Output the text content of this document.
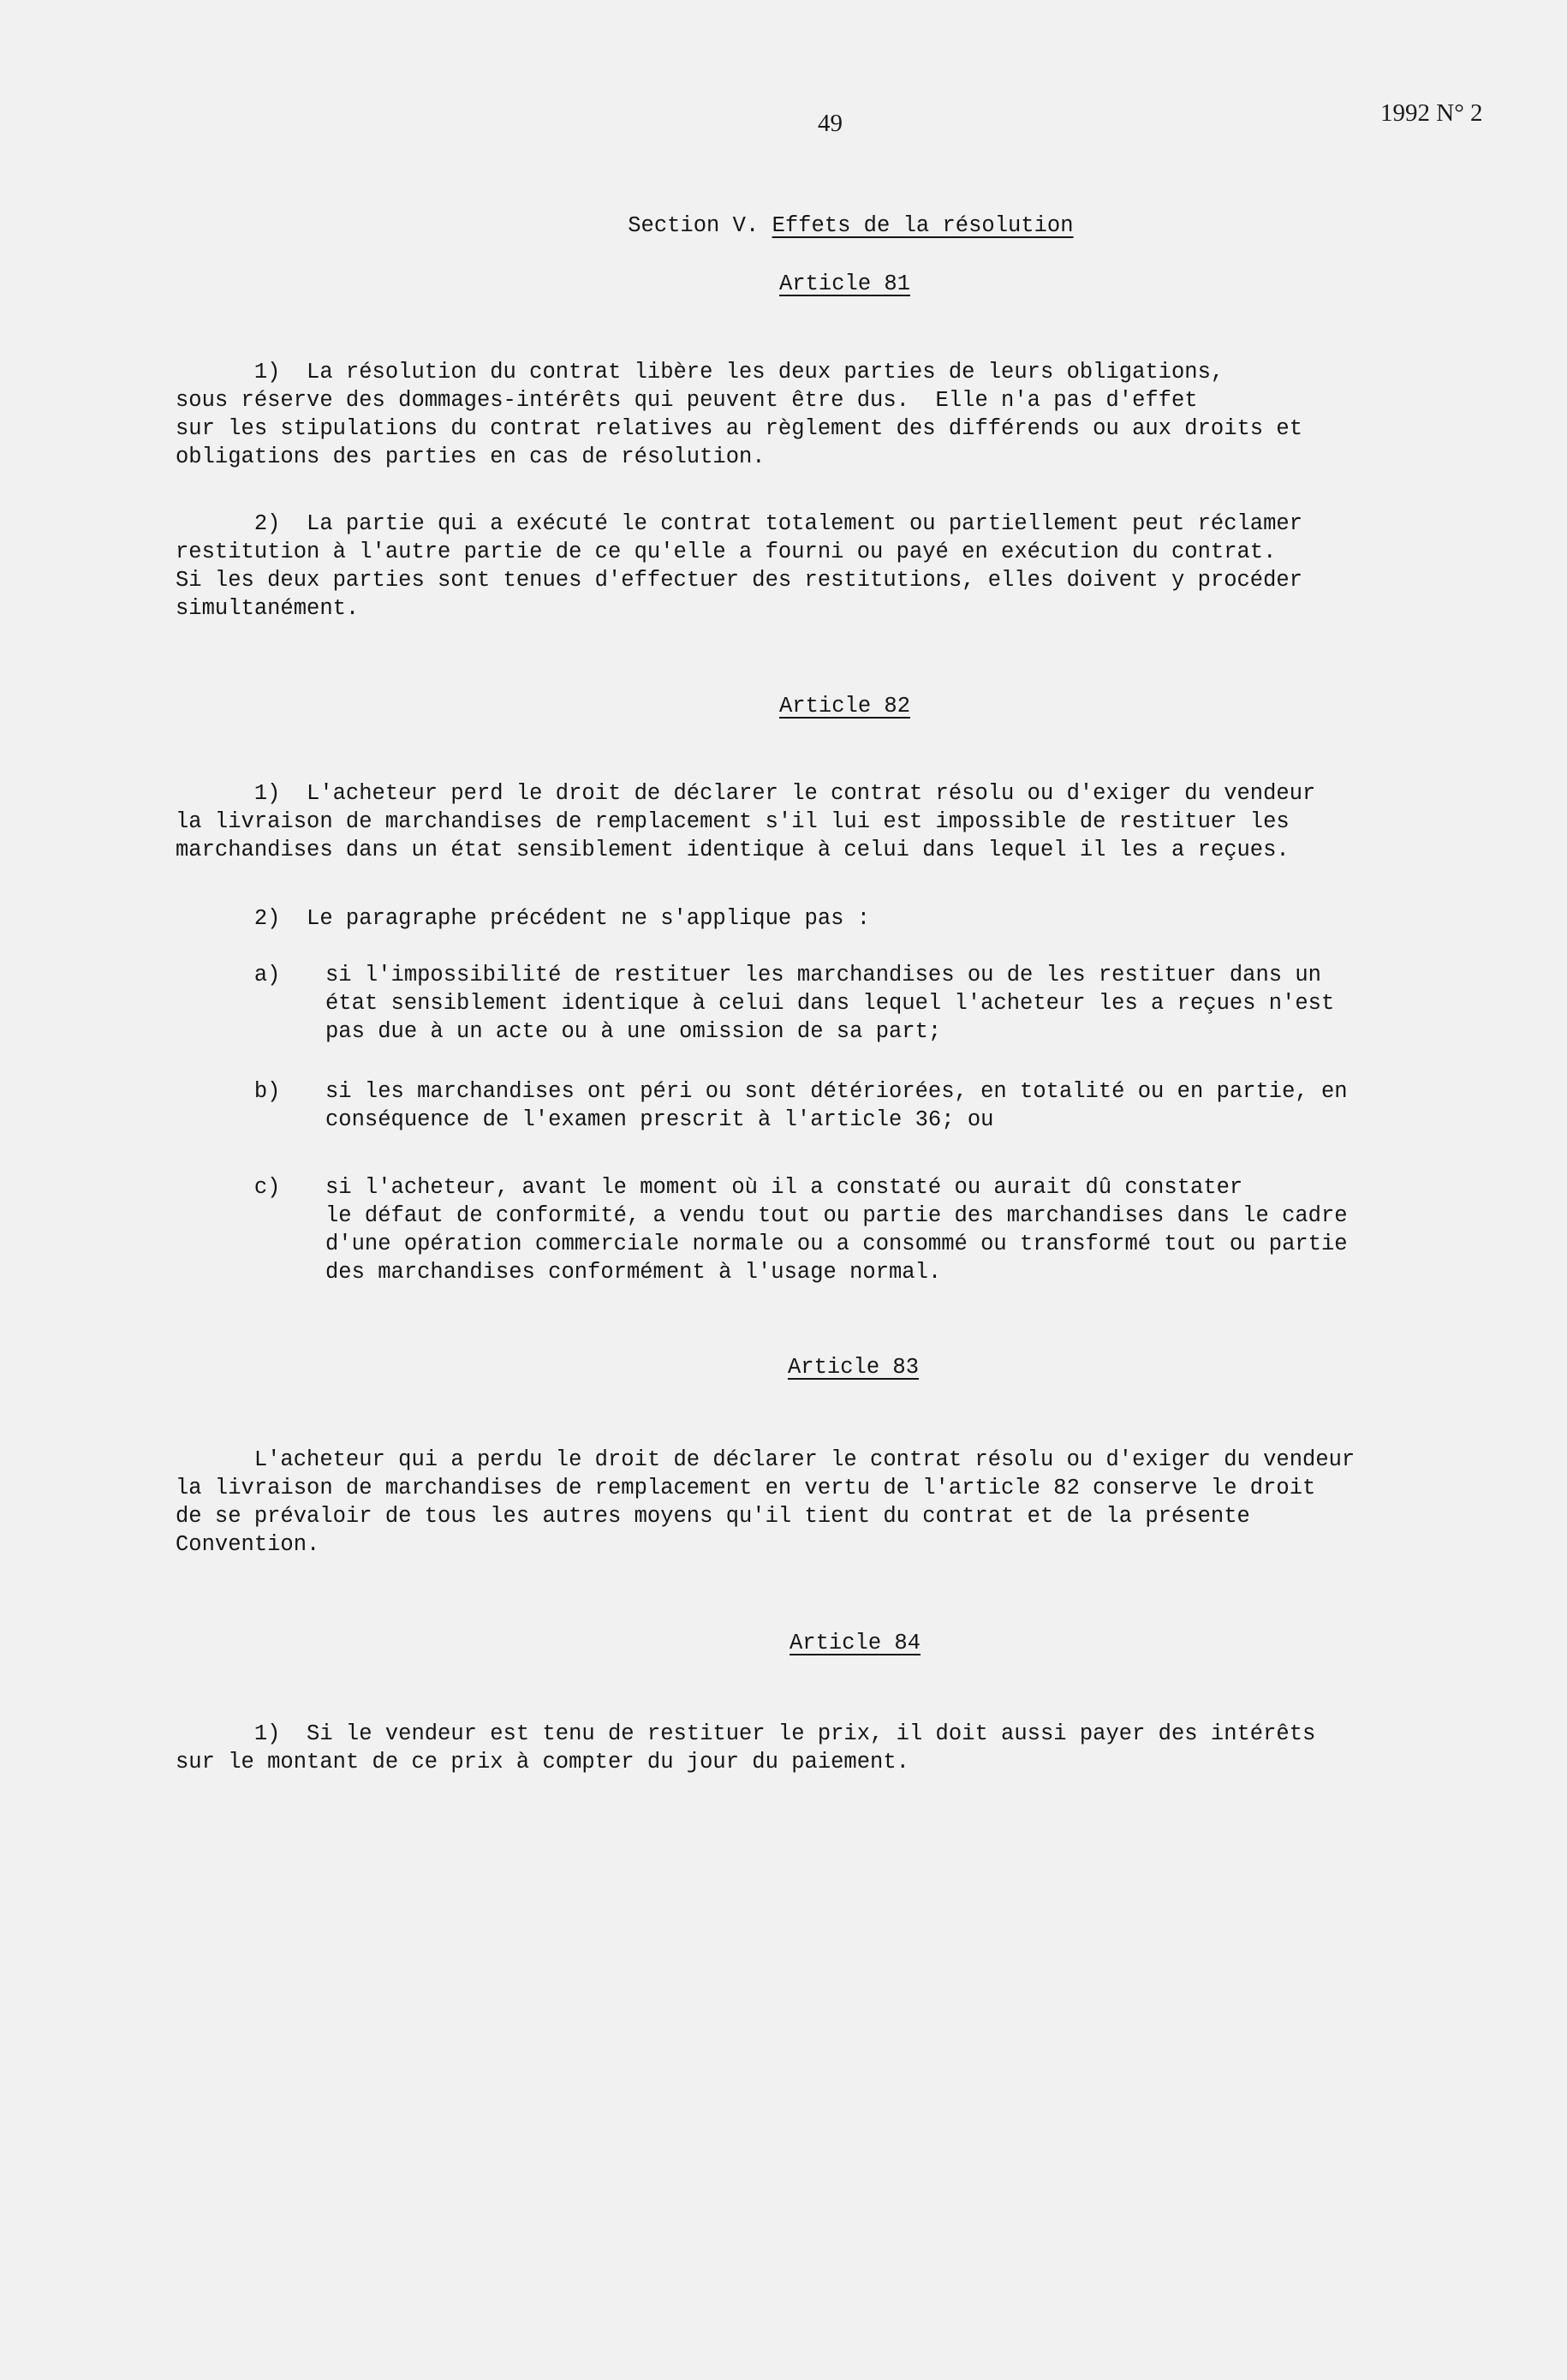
49	1992 N° 2

Section V. Effets de la résolution

Article 81
1)  La résolution du contrat libère les deux parties de leurs obligations,
sous réserve des dommages-intérêts qui peuvent être dus.  Elle n'a pas d'effet
sur les stipulations du contrat relatives au règlement des différends ou aux droits et
obligations des parties en cas de résolution.
2)  La partie qui a exécuté le contrat totalement ou partiellement peut réclamer
restitution à l'autre partie de ce qu'elle a fourni ou payé en exécution du contrat.
Si les deux parties sont tenues d'effectuer des restitutions, elles doivent y procéder
simultanément.
Article 82
1)  L'acheteur perd le droit de déclarer le contrat résolu ou d'exiger du vendeur
la livraison de marchandises de remplacement s'il lui est impossible de restituer les
marchandises dans un état sensiblement identique à celui dans lequel il les a reçues.
2)  Le paragraphe précédent ne s'applique pas :
a) si l'impossibilité de restituer les marchandises ou de les restituer dans un
état sensiblement identique à celui dans lequel l'acheteur les a reçues n'est
pas due à un acte ou à une omission de sa part;
b) si les marchandises ont péri ou sont détériorées, en totalité ou en partie, en
conséquence de l'examen prescrit à l'article 36; ou
c) si l'acheteur, avant le moment où il a constaté ou aurait dû constater
le défaut de conformité, a vendu tout ou partie des marchandises dans le cadre
d'une opération commerciale normale ou a consommé ou transformé tout ou partie
des marchandises conformément à l'usage normal.
Article 83
L'acheteur qui a perdu le droit de déclarer le contrat résolu ou d'exiger du vendeur
la livraison de marchandises de remplacement en vertu de l'article 82 conserve le droit
de se prévaloir de tous les autres moyens qu'il tient du contrat et de la présente
Convention.
Article 84
1)  Si le vendeur est tenu de restituer le prix, il doit aussi payer des intérêts
sur le montant de ce prix à compter du jour du paiement.
